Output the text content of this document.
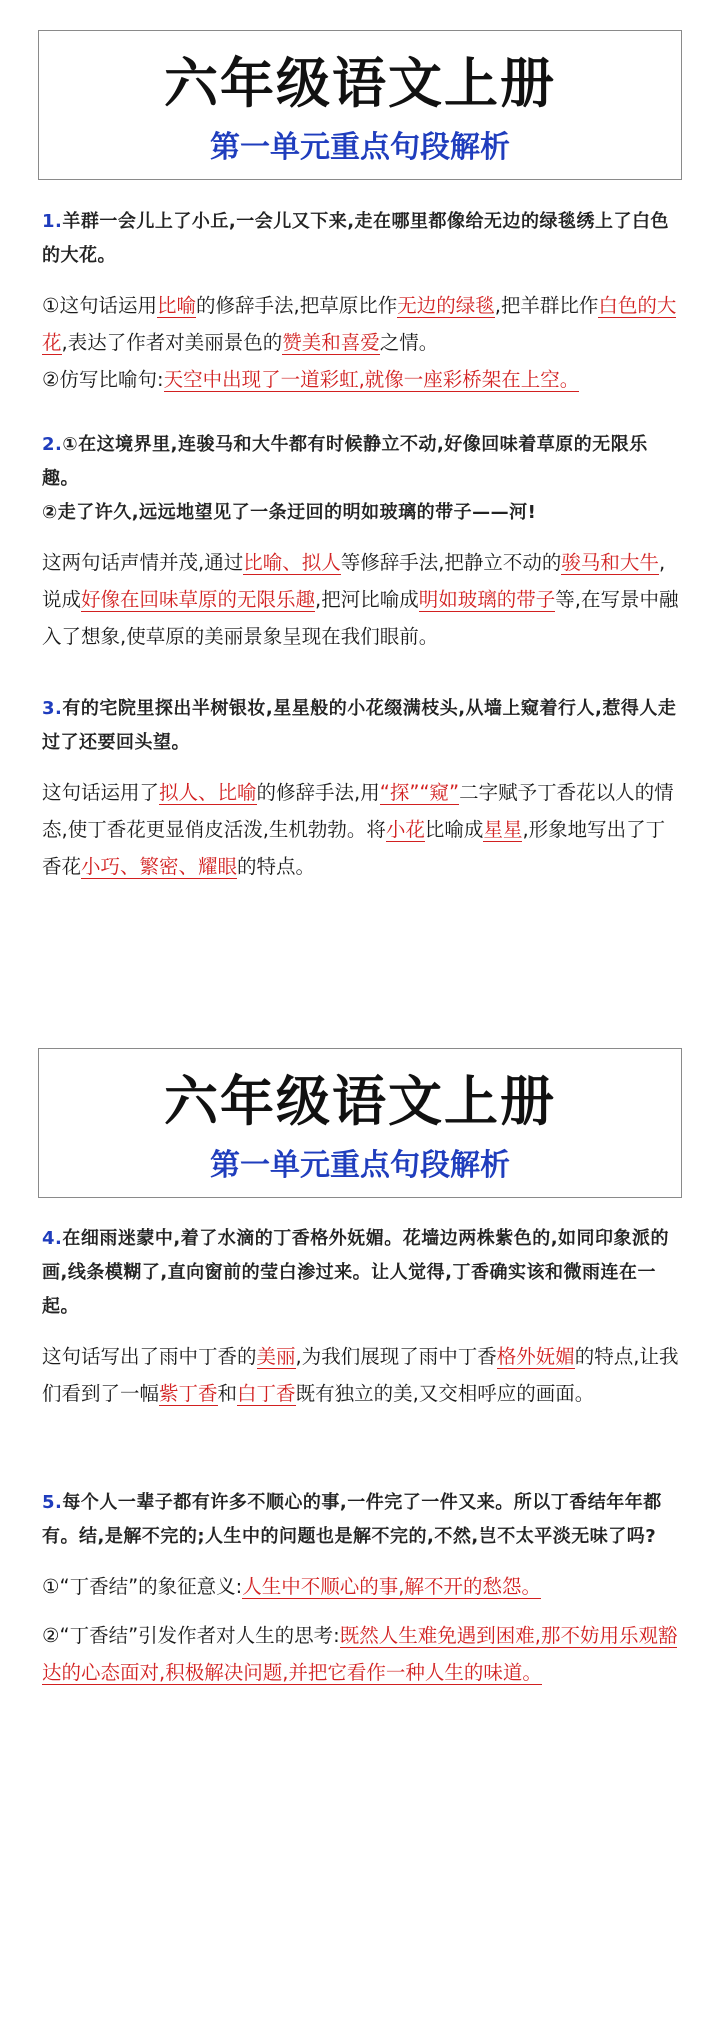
六年级语文上册
第一单元重点句段解析

1.羊群一会儿上了小丘,一会儿又下来,走在哪里都像给无边的绿毯绣上了白色的大花。

①这句话运用比喻的修辞手法,把草原比作无边的绿毯,把羊群比作白色的大花,表达了作者对美丽景色的赞美和喜爱之情。

②仿写比喻句:天空中出现了一道彩虹,就像一座彩桥架在上空。

2.①在这境界里,连骏马和大牛都有时候静立不动,好像回味着草原的无限乐趣。

②走了许久,远远地望见了一条迂回的明如玻璃的带子——河!

这两句话声情并茂,通过比喻、拟人等修辞手法,把静立不动的骏马和大牛,说成好像在回味草原的无限乐趣,把河比喻成明如玻璃的带子等,在写景中融入了想象,使草原的美丽景象呈现在我们眼前。

3.有的宅院里探出半树银妆,星星般的小花缀满枝头,从墙上窥着行人,惹得人走过了还要回头望。

这句话运用了拟人、比喻的修辞手法,用“探”“窥”二字赋予丁香花以人的情态,使丁香花更显俏皮活泼,生机勃勃。将小花比喻成星星,形象地写出了丁香花小巧、繁密、耀眼的特点。

六年级语文上册
第一单元重点句段解析

4.在细雨迷蒙中,着了水滴的丁香格外妩媚。花墙边两株紫色的,如同印象派的画,线条模糊了,直向窗前的莹白渗过来。让人觉得,丁香确实该和微雨连在一起。

这句话写出了雨中丁香的美丽,为我们展现了雨中丁香格外妩媚的特点,让我们看到了一幅紫丁香和白丁香既有独立的美,又交相呼应的画面。

5.每个人一辈子都有许多不顺心的事,一件完了一件又来。所以丁香结年年都有。结,是解不完的;人生中的问题也是解不完的,不然,岂不太平淡无味了吗?

①“丁香结”的象征意义:人生中不顺心的事,解不开的愁怨。

②“丁香结”引发作者对人生的思考:既然人生难免遇到困难,那不妨用乐观豁达的心态面对,积极解决问题,并把它看作一种人生的味道。
